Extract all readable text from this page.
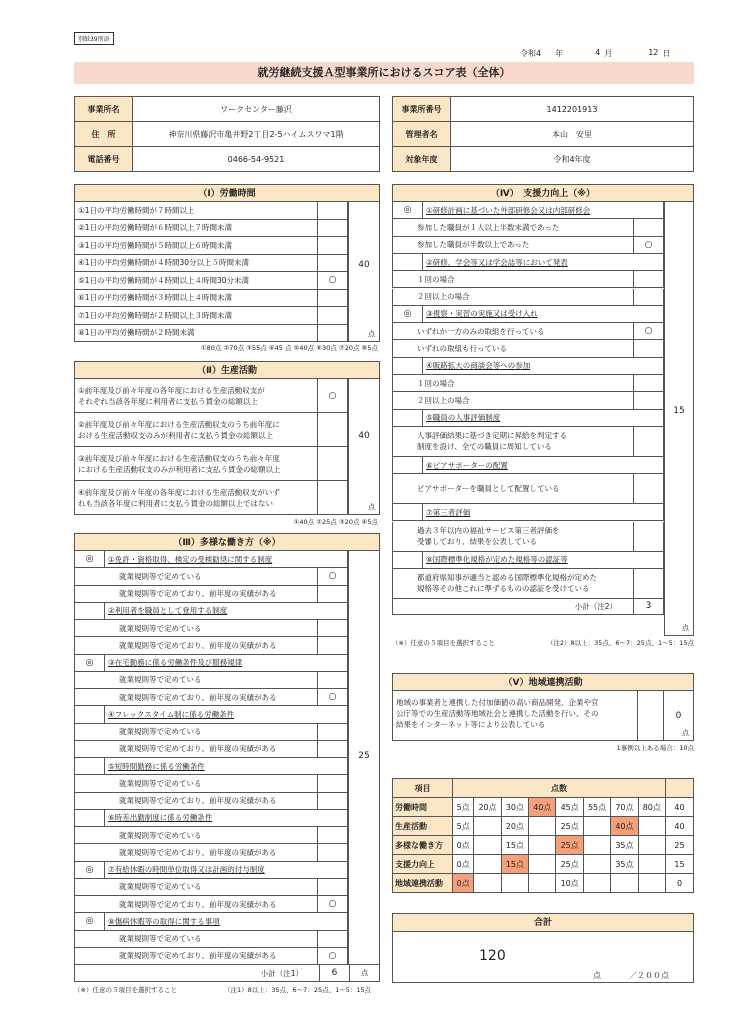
別紙39別添
令和4 年	4 月	12 日
就労継続支援Ａ型事業所におけるスコア表（全体）
事業所名	ワークセンター藤沢
住　所	神奈川県藤沢市亀井野2丁目2-5ハイムスワマ1階
電話番号	0466-54-9521
事業所番号	1412201913
管理者名	本山　安里
対象年度	令和4年度
（Ⅰ）労働時間
①1日の平均労働時間が７時間以上
②1日の平均労働時間が６時間以上７時間未満
③1日の平均労働時間が５時間以上６時間未満
④1日の平均労働時間が４時間30分以上５時間未満
⑤1日の平均労働時間が４時間以上４時間30分未満	○
⑥1日の平均労働時間が３時間以上４時間未満
⑦1日の平均労働時間が２時間以上３時間未満
⑧1日の平均労働時間が２時間未満
40
点
①80点 ②70点 ③55点 ④45 点 ⑤40点 ⑥30点 ⑦20点 ⑧5点
（Ⅱ）生産活動
①前年度及び前々年度の各年度における生産活動収支が
それぞれ当該各年度に利用者に支払う賃金の総額以上
○
②前年度及び前々年度における生産活動収支のうち前年度に
おける生産活動収支のみが利用者に支払う賃金の総額以上
③前年度及び前々年度における生産活動収支のうち前々年度
における生産活動収支のみが利用者に支払う賃金の総額以上
④前年度及び前々年度の各年度における生産活動収支がいず
れも当該各年度に利用者に支払う賃金の総額以上ではない
40
点
①40点 ②25点 ③20点 ④5点
（Ⅲ）多様な働き方（※）
◎	①免許・資格取得、検定の受検勧奨に関する制度
就業規則等で定めている	○
就業規則等で定めており、前年度の実績がある
②利用者を職員として登用する制度
就業規則等で定めている
就業規則等で定めており、前年度の実績がある
◎	③在宅勤務に係る労働条件及び服務規律
就業規則等で定めている
就業規則等で定めており、前年度の実績がある	○
④フレックスタイム制に係る労働条件
就業規則等で定めている
就業規則等で定めており、前年度の実績がある
⑤短時間勤務に係る労働条件
就業規則等で定めている
就業規則等で定めており、前年度の実績がある
⑥時差出勤制度に係る労働条件
就業規則等で定めている
就業規則等で定めており、前年度の実績がある
◎	⑦有給休暇の時間単位取得又は計画的付与制度
就業規則等で定めている
就業規則等で定めており、前年度の実績がある	○
◎	⑧傷病休暇等の取得に関する事項
就業規則等で定めている
就業規則等で定めており、前年度の実績がある	○
25
小計（注1）	6	点
（※）任意の５項目を選択すること	（注1）8以上：35点、6～7：25点、1～5：15点
（Ⅳ）　支援力向上（※）
◎	①研修計画に基づいた外部研修会又は内部研修会
参加した職員が１人以上半数未満であった
参加した職員が半数以上であった	○
②研修、学会等又は学会誌等において発表
１回の場合
２回以上の場合
◎	③視察・実習の実施又は受け入れ
いずれか一方のみの取組を行っている	○
いずれの取組も行っている
④販路拡大の商談会等への参加
１回の場合
２回以上の場合
⑤職員の人事評価制度
人事評価結果に基づき定期に昇給を判定する
制度を設け、全ての職員に周知している
⑥ピアサポーターの配置
ピアサポーターを職員として配置している
⑦第三者評価
過去３年以内の福祉サービス第三者評価を
受審しており、結果を公表している
⑧国際標準化規格が定めた規格等の認証等
都道府県知事が適当と認める国際標準化規格が定めた
規格等その他これに準ずるものの認証を受けている
小計（注2）	3
15
点
（※）任意の５項目を選択すること	（注2）8以上：35点、6～7：25点、1～5：15点
（Ⅴ）地域連携活動
地域の事業者と連携した付加価値の高い商品開発、企業や官
公庁等での生産活動等地域社会と連携した活動を行い、その
結果をインターネット等により公表している
0
点
1事例以上ある場合：10点
項目	点数								
労働時間	5点	20点	30点	40点	45点	55点	70点	80点	40
生産活動	5点		20点		25点		40点		40
多様な働き方	0点		15点		25点		35点		25
支援力向上	0点		15点		25点		35点		15
地域連携活動	0点				10点				0
合計
120
点	／２００点
